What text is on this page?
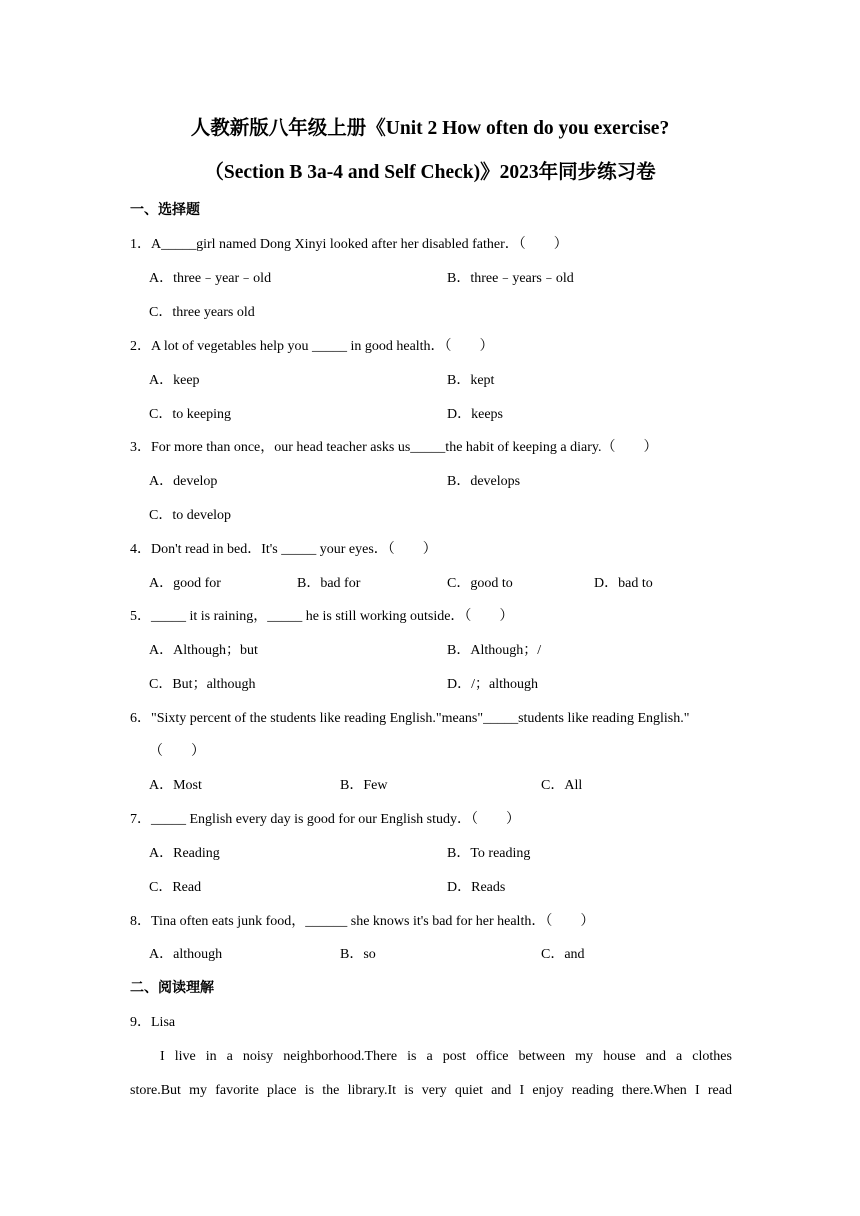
人教新版八年级上册《Unit 2 How often do you exercise?
（Section B 3a-4 and Self Check)》2023年同步练习卷
一、选择题
1．A_____girl named Dong Xinyi looked after her disabled father．（　　）
A．three﹣year﹣old	B．three﹣years﹣old
C．three years old
2．A lot of vegetables help you _____ in good health．（　　）
A．keep	B．kept
C．to keeping	D．keeps
3．For more than once，our head teacher asks us_____the habit of keeping a diary.（　　）
A．develop	B．develops
C．to develop
4．Don't read in bed．It's _____ your eyes．（　　）
A．good for	B．bad for	C．good to	D．bad to
5．_____ it is raining，_____ he is still working outside．（　　）
A．Although；but	B．Although；/
C．But；although	D．/；although
6．"Sixty percent of the students like reading English."means"_____students like reading English."
（　　）
A．Most	B．Few	C．All
7．_____ English every day is good for our English study．（　　）
A．Reading	B．To reading
C．Read	D．Reads
8．Tina often eats junk food，______ she knows it's bad for her health．（　　）
A．although	B．so	C．and
二、阅读理解
9．Lisa
I live in a noisy neighborhood.There is a post office between my house and a clothes
store.But my favorite place is the library.It is very quiet and I enjoy reading there.When I read
